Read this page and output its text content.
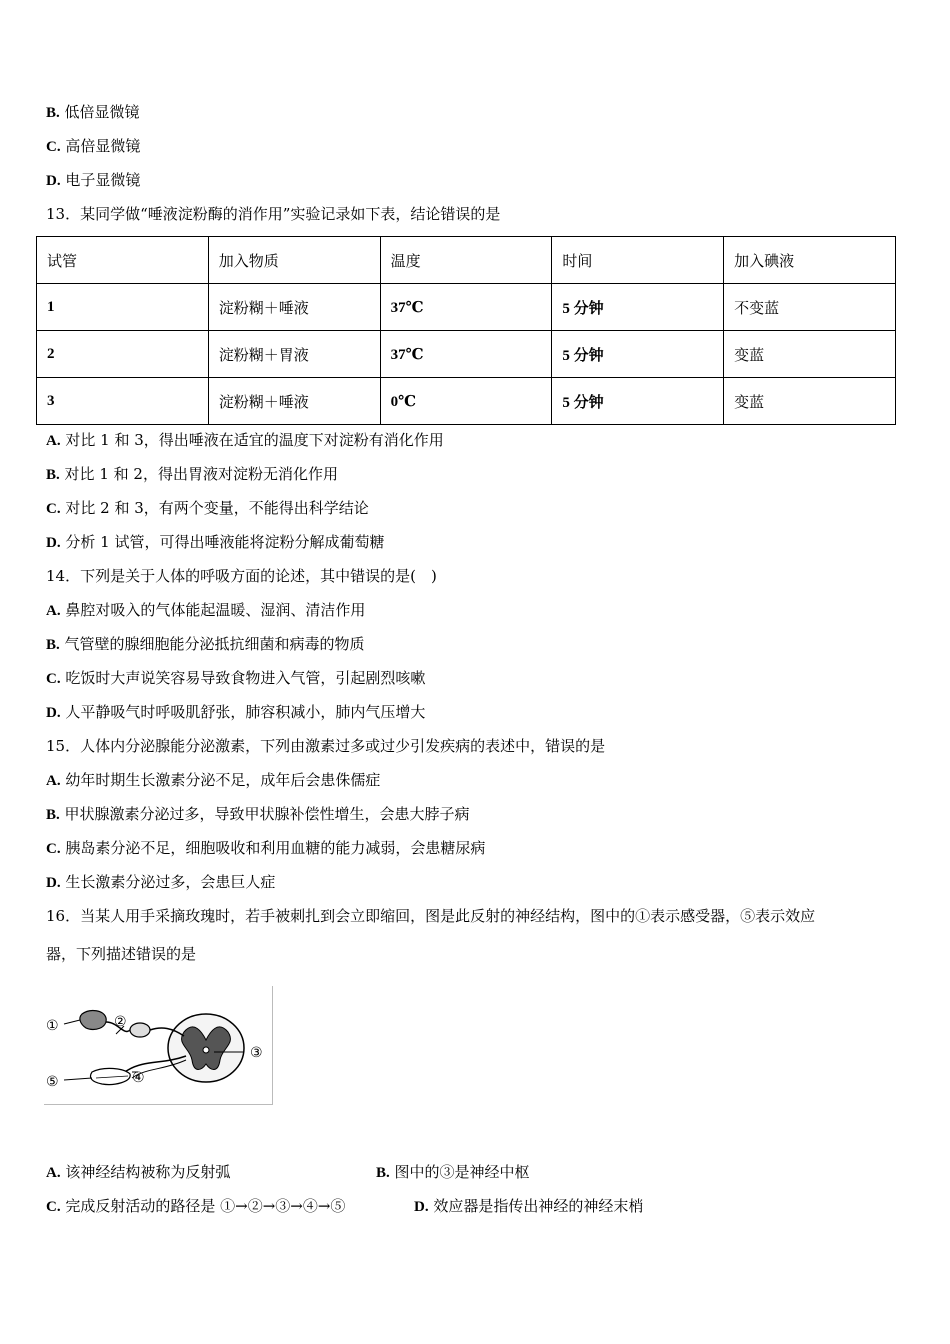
B. 低倍显微镜
C. 高倍显微镜
D. 电子显微镜
13．某同学做“唾液淀粉酶的消作用”实验记录如下表，结论错误的是
试管	加入物质	温度	时间	加入碘液
1	淀粉糊＋唾液	37℃	5 分钟	不变蓝
2	淀粉糊＋胃液	37℃	5 分钟	变蓝
3	淀粉糊＋唾液	0℃	5 分钟	变蓝
A. 对比 1 和 3，得出唾液在适宜的温度下对淀粉有消化作用
B. 对比 1 和 2，得出胃液对淀粉无消化作用
C. 对比 2 和 3，有两个变量，不能得出科学结论
D. 分析 1 试管，可得出唾液能将淀粉分解成葡萄糖
14．下列是关于人体的呼吸方面的论述，其中错误的是(　)
A. 鼻腔对吸入的气体能起温暖、湿润、清洁作用
B. 气管壁的腺细胞能分泌抵抗细菌和病毒的物质
C. 吃饭时大声说笑容易导致食物进入气管，引起剧烈咳嗽
D. 人平静吸气时呼吸肌舒张，肺容积减小，肺内气压增大
15．人体内分泌腺能分泌激素，下列由激素过多或过少引发疾病的表述中，错误的是
A. 幼年时期生长激素分泌不足，成年后会患侏儒症
B. 甲状腺激素分泌过多，导致甲状腺补偿性增生，会患大脖子病
C. 胰岛素分泌不足，细胞吸收和利用血糖的能力减弱，会患糖尿病
D. 生长激素分泌过多，会患巨人症
16．当某人用手采摘玫瑰时，若手被刺扎到会立即缩回，图是此反射的神经结构，图中的①表示感受器，⑤表示效应
器，下列描述错误的是
①	②
③
④
⑤
A. 该神经结构被称为反射弧	B. 图中的③是神经中枢
C. 完成反射活动的路径是 ①→②→③→④→⑤	D. 效应器是指传出神经的神经末梢
